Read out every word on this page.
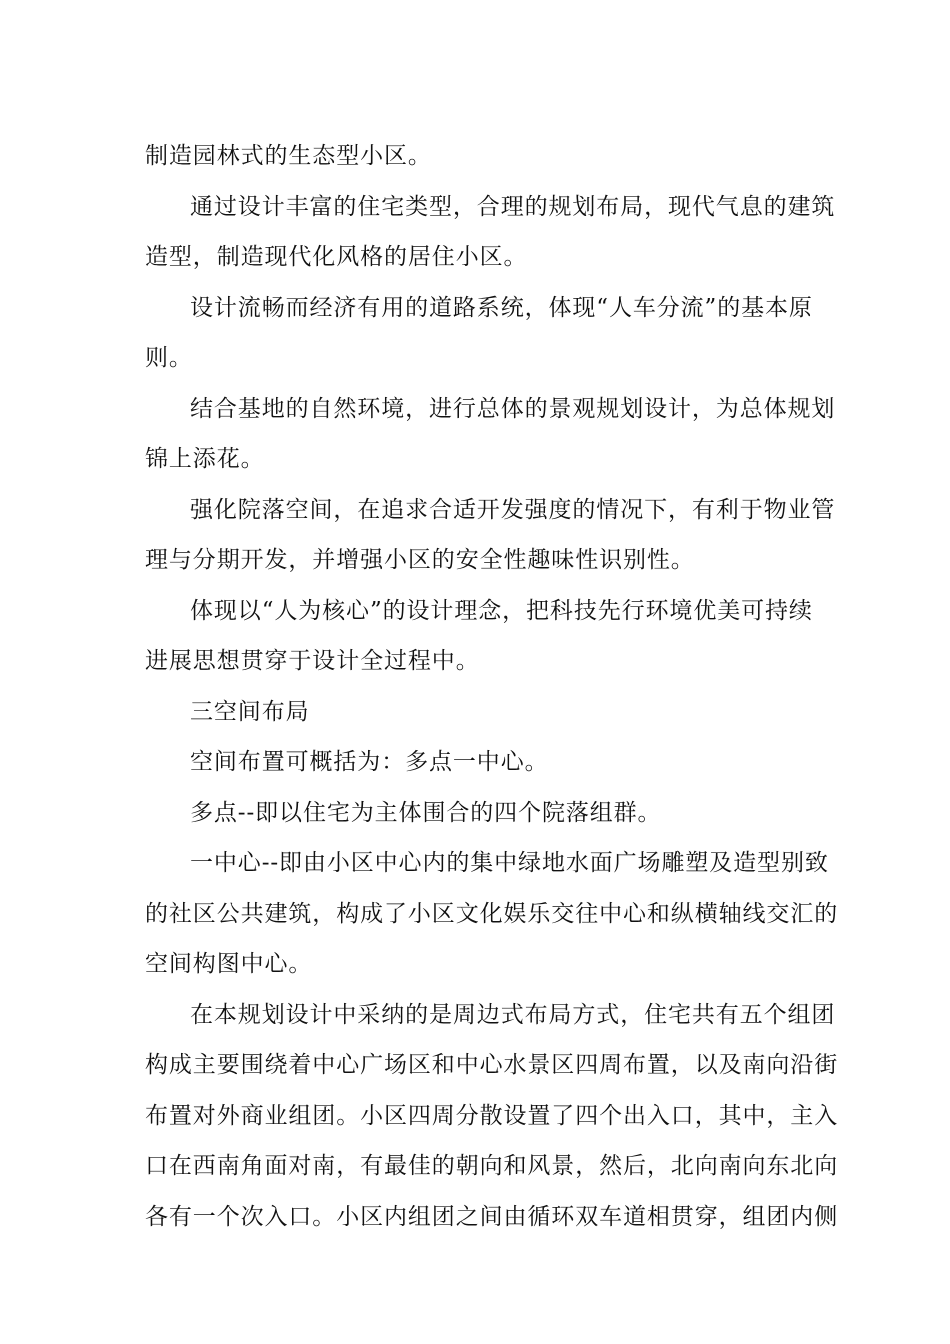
制造园林式的生态型小区。
通过设计丰富的住宅类型，合理的规划布局，现代气息的建筑
造型，制造现代化风格的居住小区。
设计流畅而经济有用的道路系统，体现“人车分流”的基本原
则。
结合基地的自然环境，进行总体的景观规划设计，为总体规划
锦上添花。
强化院落空间，在追求合适开发强度的情况下，有利于物业管
理与分期开发，并增强小区的安全性趣味性识别性。
体现以“人为核心”的设计理念，把科技先行环境优美可持续
进展思想贯穿于设计全过程中。
三空间布局
空间布置可概括为：多点一中心。
多点--即以住宅为主体围合的四个院落组群。
一中心--即由小区中心内的集中绿地水面广场雕塑及造型别致
的社区公共建筑，构成了小区文化娱乐交往中心和纵横轴线交汇的
空间构图中心。
在本规划设计中采纳的是周边式布局方式，住宅共有五个组团
构成主要围绕着中心广场区和中心水景区四周布置，以及南向沿街
布置对外商业组团。小区四周分散设置了四个出入口，其中，主入
口在西南角面对南，有最佳的朝向和风景，然后，北向南向东北向
各有一个次入口。小区内组团之间由循环双车道相贯穿，组团内侧
